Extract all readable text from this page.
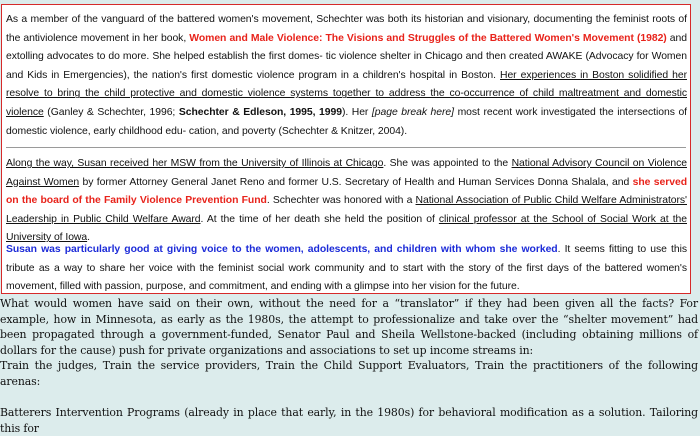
As a member of the vanguard of the battered women's movement, Schechter was both its historian and visionary, documenting the feminist roots of the antiviolence movement in her book, Women and Male Violence: The Visions and Struggles of the Battered Women's Movement (1982) and extolling advocates to do more. She helped establish the first domes- tic violence shelter in Chicago and then created AWAKE (Advocacy for Women and Kids in Emergencies), the nation's first domestic violence program in a children's hospital in Boston. Her experiences in Boston solidified her resolve to bring the child protective and domestic violence systems together to address the co-occurrence of child maltreatment and domestic violence (Ganley & Schechter, 1996; Schechter & Edleson, 1995, 1999). Her [page break here] most recent work investigated the intersections of domestic violence, early childhood edu- cation, and poverty (Schechter & Knitzer, 2004).

Along the way, Susan received her MSW from the University of Illinois at Chicago. She was appointed to the National Advisory Council on Violence Against Women by former Attorney General Janet Reno and former U.S. Secretary of Health and Human Services Donna Shalala, and she served on the board of the Family Violence Prevention Fund. Schechter was honored with a National Association of Public Child Welfare Administrators' Leadership in Public Child Welfare Award. At the time of her death she held the position of clinical professor at the School of Social Work at the University of Iowa.

Susan was particularly good at giving voice to the women, adolescents, and children with whom she worked. It seems fitting to use this tribute as a way to share her voice with the feminist social work community and to start with the story of the first days of the battered women's movement, filled with passion, purpose, and commitment, and ending with a glimpse into her vision for the future.

What would women have said on their own, without the need for a “translator” if they had been given all the facts? For example, how in Minnesota, as early as the 1980s, the attempt to professionalize and take over the “shelter movement” had been propagated through a government-funded, Senator Paul and Sheila Wellstone-backed (including obtaining millions of dollars for the cause) push for private organizations and associations to set up income streams in:

Train the judges, Train the service providers, Train the Child Support Evaluators, Train the practitioners of the following arenas:

Batterers Intervention Programs (already in place that early, in the 1980s) for behavioral modification as a solution. Tailoring this for
